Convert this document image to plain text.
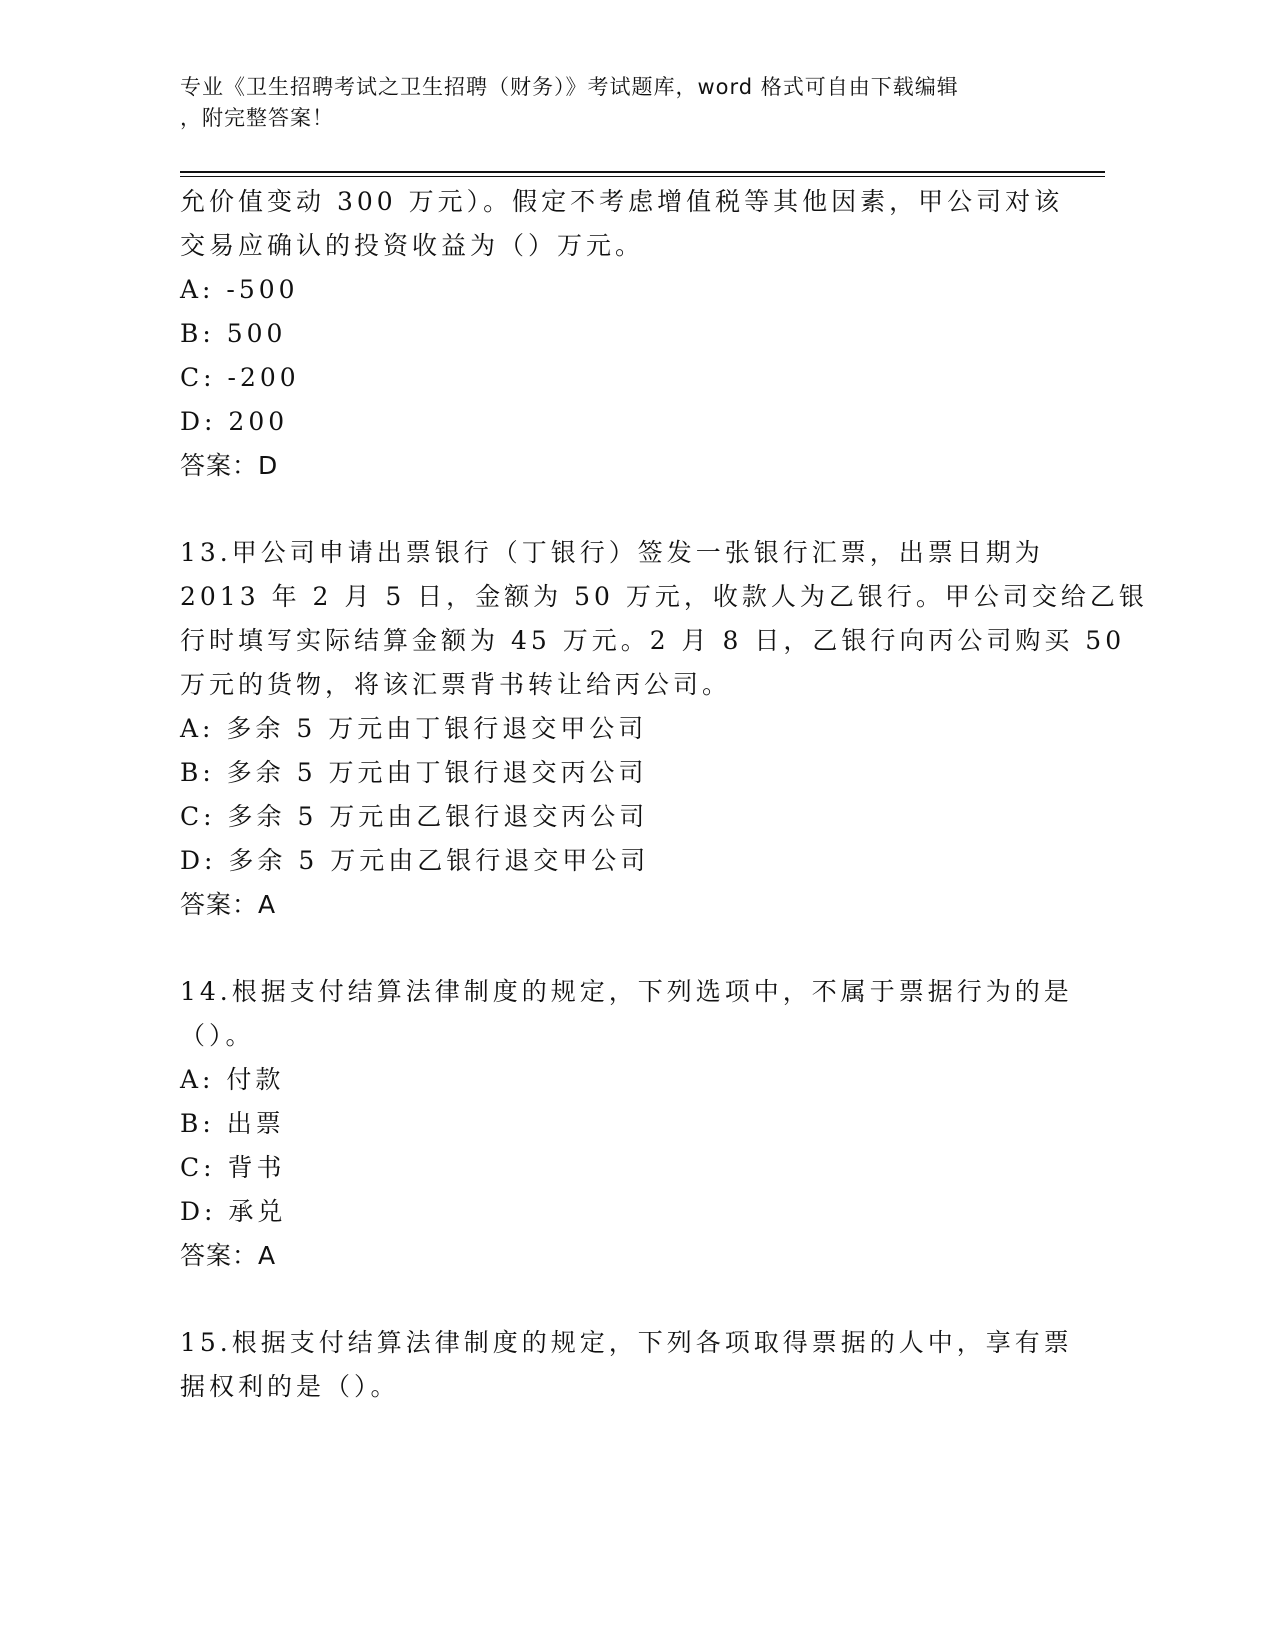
专业《卫生招聘考试之卫生招聘（财务）》考试题库，word 格式可自由下载编辑
，附完整答案！
允价值变动 300 万元）。假定不考虑增值税等其他因素，甲公司对该
交易应确认的投资收益为（）万元。
A: -500
B: 500
C: -200
D: 200
答案：D
13.甲公司申请出票银行（丁银行）签发一张银行汇票，出票日期为
2013 年 2 月 5 日，金额为 50 万元，收款人为乙银行。甲公司交给乙银
行时填写实际结算金额为 45 万元。2 月 8 日，乙银行向丙公司购买 50
万元的货物，将该汇票背书转让给丙公司。
A: 多余 5 万元由丁银行退交甲公司
B: 多余 5 万元由丁银行退交丙公司
C: 多余 5 万元由乙银行退交丙公司
D: 多余 5 万元由乙银行退交甲公司
答案：A
14.根据支付结算法律制度的规定，下列选项中，不属于票据行为的是
（）。
A: 付款
B: 出票
C: 背书
D: 承兑
答案：A
15.根据支付结算法律制度的规定，下列各项取得票据的人中，享有票
据权利的是（）。
